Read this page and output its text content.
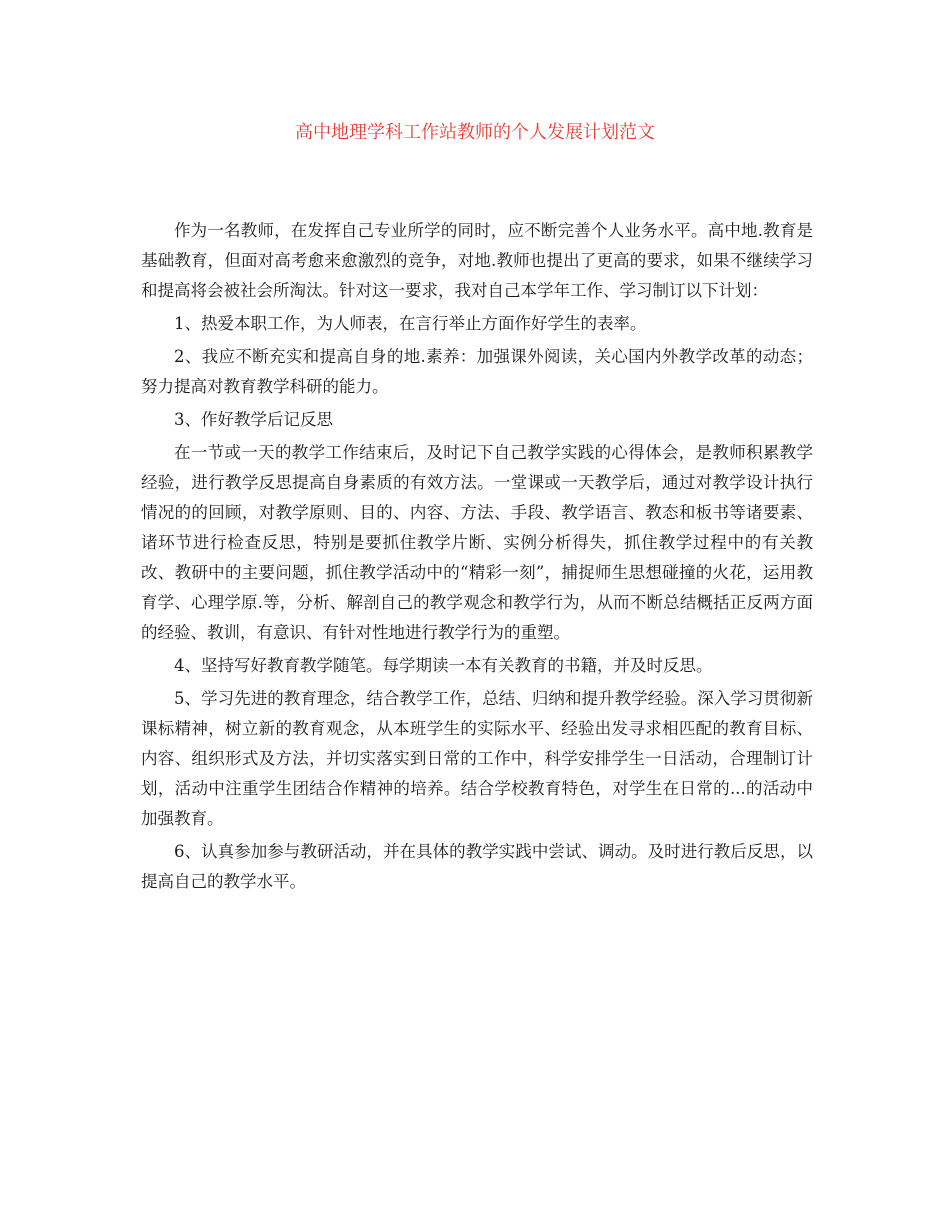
高中地理学科工作站教师的个人发展计划范文

作为一名教师，在发挥自己专业所学的同时，应不断完善个人业务水平。高中地.教育是基础教育，但面对高考愈来愈激烈的竞争，对地.教师也提出了更高的要求，如果不继续学习和提高将会被社会所淘汰。针对这一要求，我对自己本学年工作、学习制订以下计划：

1、热爱本职工作，为人师表，在言行举止方面作好学生的表率。

2、我应不断充实和提高自身的地.素养：加强课外阅读，关心国内外教学改革的动态；努力提高对教育教学科研的能力。

3、作好教学后记反思

在一节或一天的教学工作结束后，及时记下自己教学实践的心得体会，是教师积累教学经验，进行教学反思提高自身素质的有效方法。一堂课或一天教学后，通过对教学设计执行情况的的回顾，对教学原则、目的、内容、方法、手段、教学语言、教态和板书等诸要素、诸环节进行检查反思，特别是要抓住教学片断、实例分析得失，抓住教学过程中的有关教改、教研中的主要问题，抓住教学活动中的“精彩一刻”，捕捉师生思想碰撞的火花，运用教育学、心理学原.等，分析、解剖自己的教学观念和教学行为，从而不断总结概括正反两方面的经验、教训，有意识、有针对性地进行教学行为的重塑。

4、坚持写好教育教学随笔。每学期读一本有关教育的书籍，并及时反思。

5、学习先进的教育理念，结合教学工作，总结、归纳和提升教学经验。深入学习贯彻新课标精神，树立新的教育观念，从本班学生的实际水平、经验出发寻求相匹配的教育目标、内容、组织形式及方法，并切实落实到日常的工作中，科学安排学生一日活动，合理制订计划，活动中注重学生团结合作精神的培养。结合学校教育特色，对学生在日常的...的活动中加强教育。

6、认真参加参与教研活动，并在具体的教学实践中尝试、调动。及时进行教后反思，以提高自己的教学水平。
